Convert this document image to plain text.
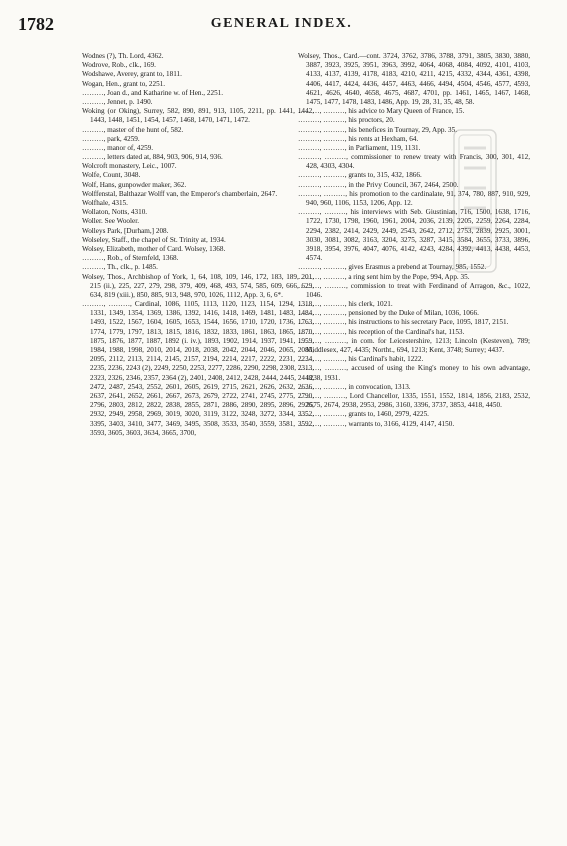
1782	GENERAL INDEX.
Wodnes (?), Th. Lord, 4362.
Wodrove, Rob., clk., 169.
Wodshawe, Averey, grant to, 1811.
Wogan, Hen., grant to, 2251.
………, Joan d., and Katharine w. of Hen., 2251.
………, Jennet, p. 1490.
Woking (or Oking), Surrey, 582, 890, 891, 913, 1105, 2211, pp. 1441, 1442, 1443, 1448, 1451, 1454, 1457, 1468, 1470, 1471, 1472.
………, master of the hunt of, 582.
………, park, 4259.
………, manor of, 4259.
………, letters dated at, 884, 903, 906, 914, 936.
Wolcroft monastery, Leic., 1007.
Wolfe, Count, 3048.
Wolf, Hans, gunpowder maker, 362.
Wolffenstal, Balthazar Wolff van, the Emperor's chamberlain, 2647.
Wolfhale, 4315.
Wollaton, Notts, 4310.
Woller. See Wooler.
Wolleys Park, [Durham,] 208.
Wolseley, Staff., the chapel of St. Trinity at, 1934.
Wolsey, Elizabeth, mother of Card. Wolsey, 1368.
………, Rob., of Sternfeld, 1368.
………, Th., clk., p. 1485.
Wolsey, Thos., Archbishop of York, 1, 64, 108, 109, 146, 172, 183, 189, 201, 215 (ii.), 225, 227, 279, 298, 379, 409, 468, 493, 574, 585, 609, 666, 629, 634, 819 (xiii.), 850, 885, 913, 948, 970, 1026, 1112, App. 3, 6, 6*.
………, ………, Cardinal, 1086, 1105, 1113, 1120, 1123, 1154, 1294, 1318, 1331, 1349, 1354, 1369, 1386, 1392, 1416, 1418, 1469, 1481, 1483, 1484, 1493, 1522, 1567, 1604, 1605, 1653, 1544, 1656, 1710, 1720, 1736, 1763, 1774, 1779, 1797, 1813, 1815, 1816, 1832, 1833, 1861, 1863, 1865, 1870, 1875, 1876, 1877, 1887, 1892 (i. iv.), 1893, 1902, 1914, 1937, 1941, 1959, 1984, 1988, 1998, 2010, 2014, 2018, 2038, 2042, 2044, 2046, 2065, 2085, 2095, 2112, 2113, 2114, 2145, 2157, 2194, 2214, 2217, 2222, 2231, 2234, 2235, 2236, 2243 (2), 2249, 2250, 2253, 2277, 2286, 2290, 2298, 2308, 2313, 2323, 2326, 2346, 2357, 2364 (2), 2401, 2408, 2412, 2428, 2444, 2445, 2448, 2472, 2487, 2543, 2552, 2601, 2605, 2619, 2715, 2621, 2626, 2632, 2636, 2637, 2641, 2652, 2661, 2667, 2673, 2679, 2722, 2741, 2745, 2775, 2790, 2796, 2803, 2812, 2822, 2838, 2855, 2871, 2886, 2890, 2895, 2896, 2926, 2932, 2949, 2958, 2969, 3019, 3020, 3119, 3122, 3248, 3272, 3344, 3352, 3395, 3403, 3410, 3477, 3469, 3495, 3508, 3533, 3540, 3559, 3581, 3592, 3593, 3605, 3603, 3634, 3665, 3700,
Wolsey, Thos., Card.—cont. 3724, 3762, 3786, 3788, 3791, 3805, 3830, 3880, 3887, 3923, 3925, 3951, 3963, 3992, 4064, 4068, 4084, 4092, 4101, 4103, 4133, 4137, 4139, 4178, 4183, 4210, 4211, 4215, 4332, 4344, 4361, 4398, 4406, 4417, 4424, 4436, 4457, 4463, 4466, 4494, 4504, 4546, 4577, 4593, 4621, 4626, 4640, 4658, 4675, 4687, 4701, pp. 1461, 1465, 1467, 1468, 1475, 1477, 1478, 1483, 1486, App. 19, 28, 31, 35, 48, 58.
………, ………, his advice to Mary Queen of France, 15.
………, ………, his proctors, 20.
………, ………, his benefices in Tournay, 29, App. 35.
………, ………, his rents at Hexham, 64.
………, ………, in Parliament, 119, 1131.
………, ………, commissioner to renew treaty with Francis, 300, 301, 412, 428, 4303, 4304.
………, ………, grants to, 315, 432, 1866.
………, ………, in the Privy Council, 367, 2464, 2500.
………, ………, his promotion to the cardinalate, 91, 374, 780, 887, 910, 929, 940, 960, 1106, 1153, 1206, App. 12.
………, ………, his interviews with Seb. Giustinian, 716, 1500, 1638, 1716, 1722, 1730, 1798, 1960, 1961, 2004, 2036, 2139, 2205, 2259, 2264, 2284, 2294, 2382, 2414, 2429, 2449, 2543, 2642, 2712, 2753, 2839, 2925, 3001, 3030, 3081, 3082, 3163, 3204, 3275, 3287, 3415, 3584, 3655, 3733, 3896, 3918, 3954, 3976, 4047, 4076, 4142, 4243, 4284, 4392, 4413, 4438, 4453, 4574.
………, ………, gives Erasmus a prebend at Tournay, 985, 1552.
………, ………, a ring sent him by the Pope, 994, App. 35.
………, ………, commission to treat with Ferdinand of Arragon, &c., 1022, 1046.
………, ………, his clerk, 1021.
………, ………, pensioned by the Duke of Milan, 1036, 1066.
………, ………, his instructions to his secretary Pace, 1095, 1817, 2151.
………, ………, his reception of the Cardinal's hat, 1153.
………, ………, in com. for Leicestershire, 1213; Lincoln (Kesteven), 789; Middlesex, 427, 4435; Northt., 694, 1213; Kent, 3748; Surrey; 4437.
………, ………, his Cardinal's habit, 1222.
………, ………, accused of using the King's money to his own advantage, 1238, 1931.
………, ………, in convocation, 1313.
………, ………, Lord Chancellor, 1335, 1551, 1552, 1814, 1856, 2183, 2532, 2575, 2674, 2938, 2953, 2986, 3160, 3396, 3737, 3853, 4418, 4450.
………, ………, grants to, 1460, 2979, 4225.
………, ………, warrants to, 3166, 4129, 4147, 4150.
